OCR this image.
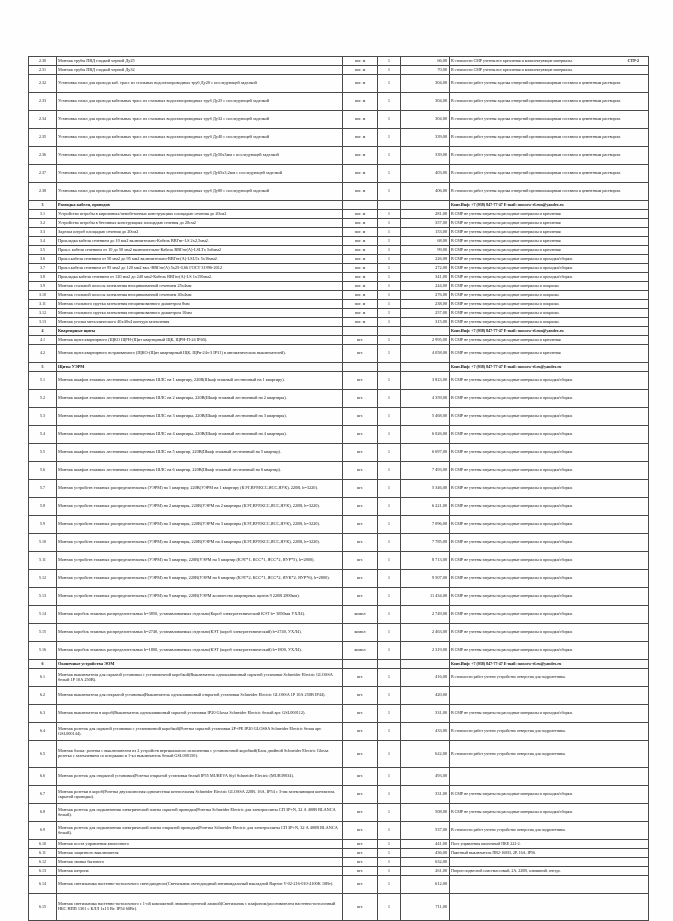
2.30	Монтаж трубы ПВД гладкой черной Ду25	пог. м	1	66,00	В стоимости СМР учтены все крепления и комплектующие материалы. СТР-2

2.31	Монтаж трубы ПВД гладкой черной Ду32	пог. м	1	70,00	В стоимости СМР учтены все крепления и комплектующие материалы.
2.32	Установка гильз для прохода каб. трасс из стальных водогазопроводных труб Ду20 с последующей заделкой	пог. м	1	304,00	В стоимости работ учтены заделка отверстий противопожарным составом и цементным раствором.
2.33	Установка гильз для прохода кабельных трасс из стальных водогазопроводных труб Ду25 с последующей заделкой	пог. м	1	304,00	В стоимости работ учтены заделка отверстий противопожарным составом и цементным раствором.
2.34	Установка гильз для прохода кабельных трасс из стальных водогазопроводных труб Ду32 с последующей заделкой	пог. м	1	304,00	В стоимости работ учтены заделка отверстий противопожарным составом и цементным раствором.
2.35	Установка гильз для прохода кабельных трасс из стальных водогазопроводных труб Ду40 с последующей заделкой	пог. м	1	339,00	В стоимости работ учтены заделка отверстий противопожарным составом и цементным раствором.
2.36	Установка гильз для прохода кабельных трасс из стальных водогазопроводных труб Ду50х3мм с последующей заделкой	пог. м	1	339,00	В стоимости работ учтены заделка отверстий противопожарным составом и цементным раствором.
2.37	Установка гильз для прохода кабельных трасс из стальных водогазопроводных труб Ду65х3,2мм с последующей заделкой	пог. м	1	403,00	В стоимости работ учтены заделка отверстий противопожарным составом и цементным раствором.
2.38	Установка гильз для прохода кабельных трасс из стальных водогазопроводных труб Ду80 с последующей заделкой	пог. м	1	406,00	В стоимости работ учтены заделка отверстий противопожарным составом и цементным раствором.
3	Разводка кабеля, проводов				Конт.Инф: +7 (938) 847-77-47 E-mail: moscow-el.run@yandex.ru
3.1	Устройство штробы в кирпичных/пенобетонных конструкциях площадью сечения до 20см2	пог. м	1	281,00	В СМР не учтены затраты на расходные материалы и крепления
3.2	Устройство штробы в бетонных конструкциях площадью сечения до 20см2	пог. м	1	357,00	В СМР не учтены затраты на расходные материалы и крепления
3.3	Заделка штроб площадью сечения до 20см2	пог. м	1	153,00	В СМР не учтены затраты на расходные материалы и крепления
3.4	Прокладка кабеля сечением до 10 мм2 включительно-Кабель ВВГнг-LS 2х2,5мм2.	пог. м	1	68,00	В СМР не учтены затраты на расходные материалы и крепления
3.5	Прокл. кабеля сечением от 10 до 50 мм2 включительно-Кабель ВВГнг(А)-LSLTx 5х6мм2	пог. м	1	99,00	В СМР не учтены затраты на расходные материалы и крепления
3.6	Прокл.кабеля сечением от 50 мм2 до 95 мм2 включительно-ВВГнг(А)-LSLTx 5х16мм2.	пог. м	1	226,00	В СМР не учтены затраты на расходные материалы и проходки/сборки.
3.7	Прокл.кабеля сечением от 95 мм2 до 120 мм2 вкл.-ВВГнг(А) 5х25-0,66 ГОСТ 31996-2012	пог. м	1	272,00	В СМР не учтены затраты на расходные материалы и проходки/сборки.
3.8	Прокладка кабеля сечением от 120 мм2 до 240 мм2-Кабель ВВГнг(А)-LS 1х150мм2.	пог. м	1	341,00	В СМР не учтены затраты на расходные материалы и проходки/сборки.
3.9	Монтаж стальной полосы заземления неоцинкованной сечением 25х4мм	пог. м	1	244,00	В СМР не учтены затраты на расходные материалы и покраски.
3.10	Монтаж стальной полосы заземления неоцинкованной сечением 40х4мм	пог. м	1	276,00	В СМР не учтены затраты на расходные материалы и покраски.
3.11	Монтаж стального прутка заземления неоцинкованного диаметром 8мм	пог. м	1	238,00	В СМР не учтены затраты на расходные материалы и покраски.
3.12	Монтаж стального прутка заземления неоцинкованного диаметром 10мм	пог. м	1	257,00	В СМР не учтены затраты на расходные материалы и покраски.
3.13	Монтаж уголка металлического 40х40х4 контура заземления	пог. м	1	315,00	В СМР не учтены затраты на расходные материалы и покраски.
4	Квартирные щиты				Конт.Инф: +7 (938) 847-77-47 E-mail: moscow-el.run@yandex.ru
4.1	Монтаж щита квартирного (ЩКО ЩРН-(Щит квартирный ЩК, ЩРН-П-24 IP40).	шт.	1	2 995,00	В СМР не учтены затраты на расходные материалы и крепления
4.2	Монтаж щита квартирного встраиваемого (ЩКО-(Щит квартирный ЩК, ЩРв-24з-3 IP31) в автоматических выключателей).	шт.	1	4 058,00	В СМР не учтены затраты на расходные материалы и крепления
5	Щиты УЭРМ				Конт.Инф: +7 (938) 847-77-47 E-mail: moscow-el.ru@yandex.ru
5.1	Монтаж шкафов этажных лестничных совмещенных ШЛС на 1 квартиру, 220В(Шкаф этажный лестничный на 1 квартиру).	шт.	1	3 823,00	В СМР не учтены затраты на расходные материалы и проходки/сборки.
5.2	Монтаж шкафов этажных лестничных совмещенных ШЛС на 2 квартиры, 220В(Шкаф этажный лестничный на 2 квартиры).	шт.	1	4 359,00	В СМР не учтены затраты на расходные материалы и проходки/сборки.
5.3	Монтаж шкафов этажных лестничных совмещенных ШЛС на 3 квартиры, 220В(Шкаф этажный лестничный на 3 квартиры).	шт.	1	5 468,00	В СМР не учтены затраты на расходные материалы и проходки/сборки.
5.4	Монтаж шкафов этажных лестничных совмещенных ШЛС на 4 квартиры, 220В(Шкаф этажный лестничный на 4 квартиры).	шт.	1	6 026,00	В СМР не учтены затраты на расходные материалы и проходки/сборки.
5.5	Монтаж шкафов этажных лестничных совмещенных ШЛС на 5 квартир, 220В(Шкаф этажный лестничный на 5 квартир).	шт.	1	6 697,00	В СМР не учтены затраты на расходные материалы и проходки/сборки.
5.6	Монтаж шкафов этажных лестничных совмещенных ШЛС на 6 квартир, 220В(Шкаф этажный лестничный на 6 квартир).	шт.	1	7 493,00	В СМР не учтены затраты на расходные материалы и проходки/сборки.
5.7	Монтаж устройств этажных распределительных (УЭРМ) на 1 квартиру, 220В(УЭРМ на 1 квартиру (КЭТ,ВУР,КСС,ЯСС,ЯУК), 220В, h=3220).	шт.	1	5 346,00	В СМР не учтены затраты на расходные материалы и проходки/сборки.
5.8	Монтаж устройств этажных распределительных (УЭРМ) на 2 квартиры, 220В(УЭРМ на 2 квартиры (КЭТ,ВУР,КСС,ЯСС,ЯУК), 220В, h=3220).	шт.	1	6 221,00	В СМР не учтены затраты на расходные материалы и проходки/сборки.
5.9	Монтаж устройств этажных распределительных (УЭРМ) на 3 квартиры, 220В(УЭРМ на 3 квартиры (КЭТ,ВУР,КСС,ЯСС,ЯУК), 220В, h=3220).	шт.	1	7 096,00	В СМР не учтены затраты на расходные материалы и проходки/сборки.
5.10	Монтаж устройств этажных распределительных (УЭРМ) на 4 квартиры, 220В(УЭРМ на 4 квартиры (КЭТ,ВУР,КСС,ЯСС,ЯУК), 220В, h=3220).	шт.	1	7 785,00	В СМР не учтены затраты на расходные материалы и проходки/сборки.
5.11	Монтаж устройств этажных распределительных (УЭРМ) на 5 квартир, 220В(УЭРМ на 5 квартир (КЭТ*1, КСС*1, ЯСС*2, ЯУР*5), h=2800).	шт.	1	8 713,00	В СМР не учтены затраты на расходные материалы и проходки/сборки.
5.12	Монтаж устройств этажных распределительных (УЭРМ) на 6 квартир, 220В(УЭРМ на 6 квартир (КЭТ*2, КСС*1, ЯСС*2, ЯУК*2, ЯУР*6), h=2800).	шт.	1	9 507,00	В СМР не учтены затраты на расходные материалы и проходки/сборки.
5.13	Монтаж устройств этажных распределительных (УЭРМ) на 9 квартир, 220В(УЭРМ количество квартирных щитов 9 220В 2800мм).	шт.	1	11 434,00	В СМР не учтены затраты на расходные материалы и проходки/сборки.
5.14	Монтаж коробок этажных распределительных b=3850, устанавливаемых отдельно(Короб электротехнический КЭТ b= 3850мм УХЛ4).	компл	1	2 749,00	В СМР не учтены затраты на расходные материалы и проходки/сборки.
5.15	Монтаж коробок этажных распределительных b=2740, устанавливаемых отдельно(КЭТ (короб электротехнический) b=2740, УХЛ4).	компл	1	2 463,00	В СМР не учтены затраты на расходные материалы и проходки/сборки.
5.16	Монтаж коробок этажных распределительных b=1800, устанавливаемых отдельно(КЭТ (короб электротехнический) b=1800, УХЛ4).	компл	1	2 319,00	В СМР не учтены затраты на расходные материалы и проходки/сборки.
6	Оконечные устройства ЭОМ				Конт.Инф: +7 (938) 847-77-47 E-mail: moscow-el.ru@yandex.ru
6.1	Монтаж выключателя для скрытой установки с установочной коробкой(Выключатель одноклавишный скрытой установки Schneider Electric GLOSSA белый 1P 10А 250В).	шт.	1	416,00	В стоимости работ учтено устройство отверстия для подрозетника.
6.2	Монтаж выключателя для открытой установки(Выключатель одноклавишный открытой установки Schneider Electric GLOSSA 1P 10А 250В IP44).	шт.	1	420,00	
6.3	Монтаж выключателя в короб(Выключатель одноклавишный скрытой установки IP20 Glossa Schneider Electric белый арт. GSL000112).	шт.	1	331,00	В СМР не учтены затраты на расходные материалы и проходки/сборки.
6.4	Монтаж розеток для скрытой установки с установочной коробкой(Розетка скрытой установки 2P+PE IP20 GLOSSA Schneider Electric белая арт. GSL000144).	шт.	1	433,00	В стоимости работ учтено устройство отверстия для подрозетника.
6.5	Монтаж блока: розетка с выключателем из 2 устройств вертикального исполнения с установочной коробкой(Блок двойной Schneider Electric Glossa розетка с заземлением со шторками и 1-кл выключатель белый GSL000150).	шт.	1	622,00	В стоимости работ учтено устройство отверстия для подрозетника.
6.6	Монтаж розеток для открытой установки(Розетка открытой установки белый IP55 MUREVA Styl Schneider Electric (MUR39034).	шт.	1	493,00	
6.7	Монтаж розетки в короб(Розетка двухполюсная одноместная штепсельная Schneider Electric GLOSSA 220В, 16А, IP54 с 3-им заземляющим контактом, скрытой проводки).	шт.	1	331,00	В СМР не учтены затраты на расходные материалы и проходки/сборки.
6.8	Монтаж розеток для подключения электрической плиты скрытой проводки(Розетка Schneider Electric для электроплиты СП 3Р+N, 32 А 400В BLANCA белый).	шт.	1	508,00	В СМР не учтены затраты на расходные материалы и проходки/сборки.
6.9	Монтаж розеток для подключения электрической плиты открытой проводки(Розетка Schneider Electric для электроплиты СП 3Р+N, 32 А 400В BLANCA белый).	шт.	1	537,00	В стоимости работ учтено устройство отверстия для подрозетника.
6.10	Монтаж поста управления кнопочного	шт.	1	441,00	Пост управления кнопочный ПКЕ 222-2.
6.11	Монтаж защитного выключателя	шт.	1	436,00	Пакетный выключатель ПВ2-16М3, 2P, 16А, IP56.
6.12	Монтаж звонка бытового	шт.	1	632,00	
6.13	Монтаж патрона	шт.	1	261,00	Патрон подвесной пластмассовый, 2А, 220В, алюминий, гнездо.
6.14	Монтаж светильника настенно-потолочного светодиодного(Светильник светодиодный антивандальный накладной Вартон V-02-216-010-4100K 10Вт).	шт.	1	612,00	
6.15	Монтаж светильника настенно-потолочного с 1-ой компактной люминесцентной лампой(Светильник с плафоном/рассеивателем настенно-потолочный НБС НПП 1301 с КЛЛ 1х15 Вт. IP54 60Вт).	шт.	1	711,00	
